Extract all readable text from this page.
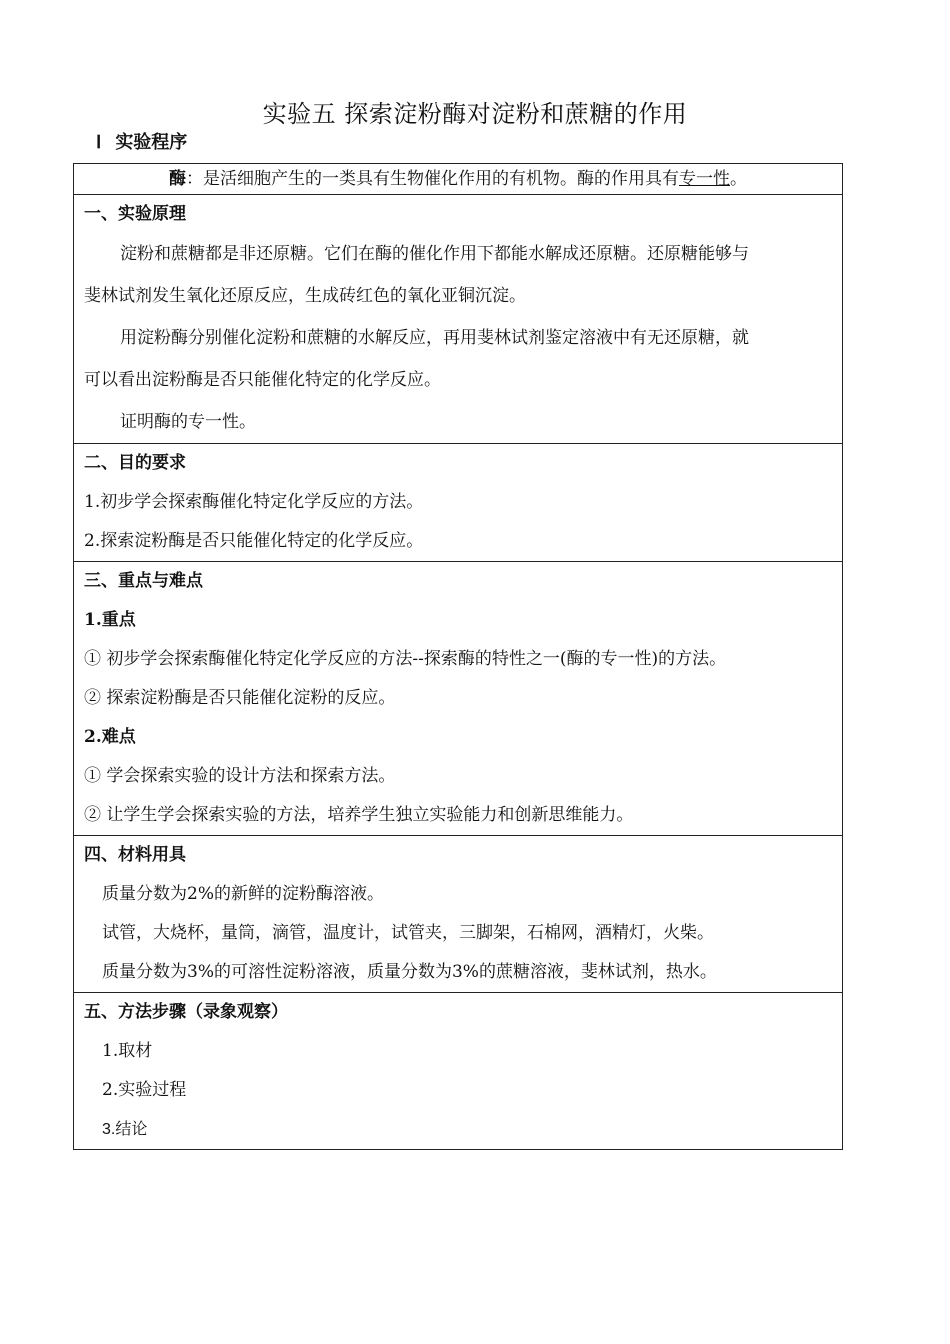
实验五 探索淀粉酶对淀粉和蔗糖的作用
Ⅰ 实验程序
酶：是活细胞产生的一类具有生物催化作用的有机物。酶的作用具有专一性。

一、实验原理
淀粉和蔗糖都是非还原糖。它们在酶的催化作用下都能水解成还原糖。还原糖能够与
斐林试剂发生氧化还原反应，生成砖红色的氧化亚铜沉淀。
用淀粉酶分别催化淀粉和蔗糖的水解反应，再用斐林试剂鉴定溶液中有无还原糖，就
可以看出淀粉酶是否只能催化特定的化学反应。
证明酶的专一性。

二、目的要求
1.初步学会探索酶催化特定化学反应的方法。
2.探索淀粉酶是否只能催化特定的化学反应。

三、重点与难点
1.重点
① 初步学会探索酶催化特定化学反应的方法--探索酶的特性之一(酶的专一性)的方法。
② 探索淀粉酶是否只能催化淀粉的反应。
2.难点
① 学会探索实验的设计方法和探索方法。
② 让学生学会探索实验的方法，培养学生独立实验能力和创新思维能力。

四、材料用具
质量分数为2%的新鲜的淀粉酶溶液。
试管，大烧杯，量筒，滴管，温度计，试管夹，三脚架，石棉网，酒精灯，火柴。
质量分数为3%的可溶性淀粉溶液，质量分数为3%的蔗糖溶液，斐林试剂，热水。

五、方法步骤（录象观察）
1.取材
2.实验过程
3.结论
